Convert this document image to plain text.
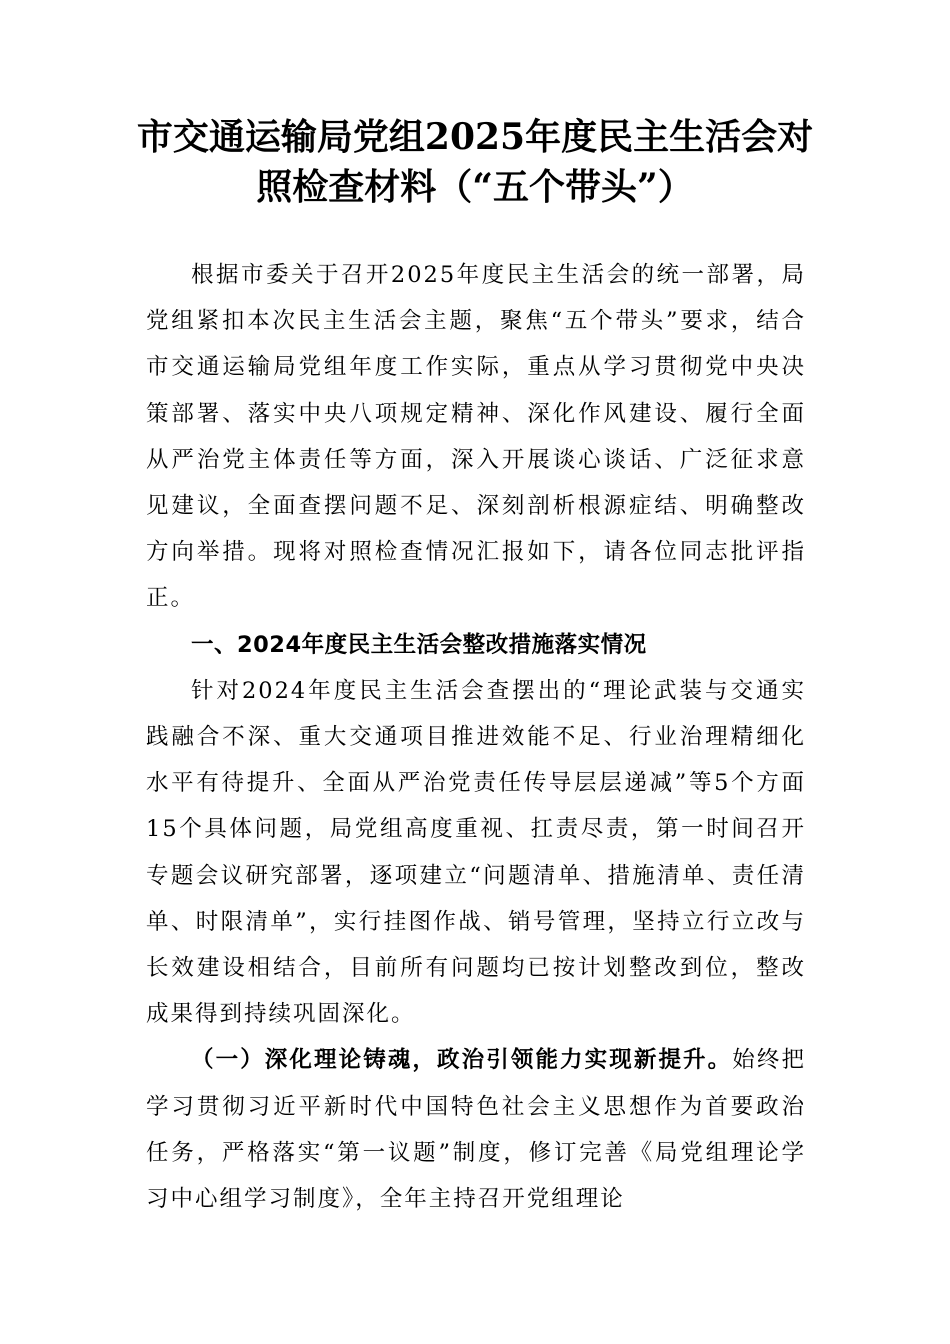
市交通运输局党组2025年度民主生活会对
照检查材料（“五个带头”）

根据市委关于召开2025年度民主生活会的统一部署，局党组紧扣本次民主生活会主题，聚焦“五个带头”要求，结合市交通运输局党组年度工作实际，重点从学习贯彻党中央决策部署、落实中央八项规定精神、深化作风建设、履行全面从严治党主体责任等方面，深入开展谈心谈话、广泛征求意见建议，全面查摆问题不足、深刻剖析根源症结、明确整改方向举措。现将对照检查情况汇报如下，请各位同志批评指正。

一、2024年度民主生活会整改措施落实情况

针对2024年度民主生活会查摆出的“理论武装与交通实践融合不深、重大交通项目推进效能不足、行业治理精细化水平有待提升、全面从严治党责任传导层层递减”等5个方面15个具体问题，局党组高度重视、扛责尽责，第一时间召开专题会议研究部署，逐项建立“问题清单、措施清单、责任清单、时限清单”，实行挂图作战、销号管理，坚持立行立改与长效建设相结合，目前所有问题均已按计划整改到位，整改成果得到持续巩固深化。

（一）深化理论铸魂，政治引领能力实现新提升。始终把学习贯彻习近平新时代中国特色社会主义思想作为首要政治任务，严格落实“第一议题”制度，修订完善《局党组理论学习中心组学习制度》，全年主持召开党组理论
